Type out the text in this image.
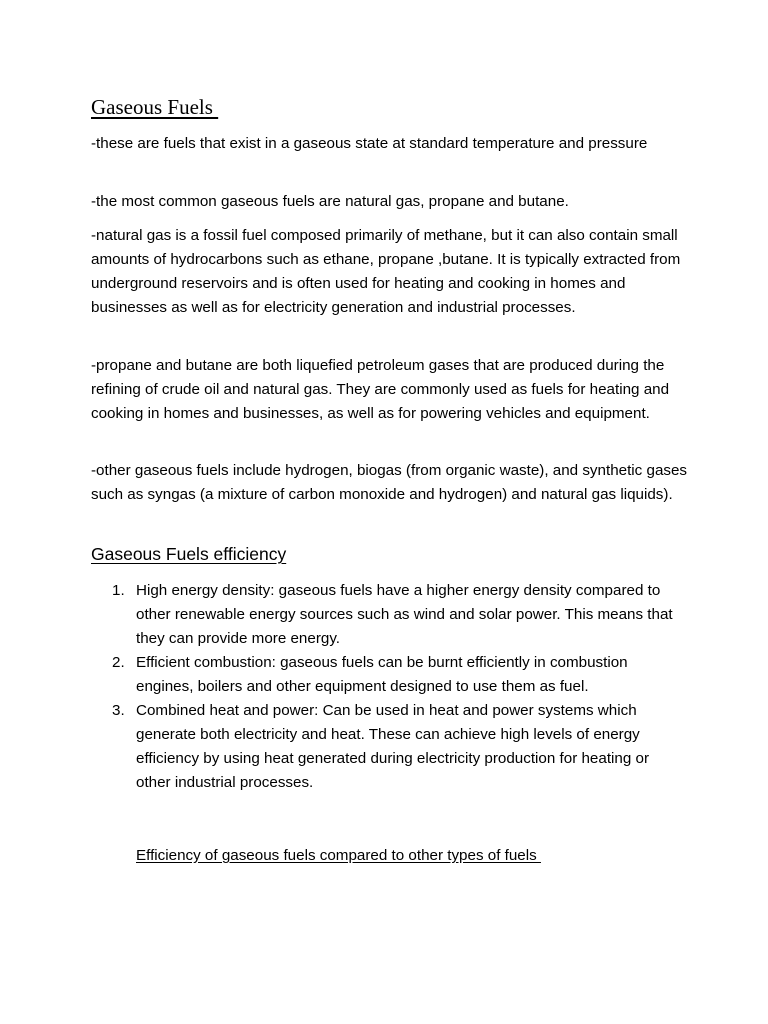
Gaseous Fuels

-these are fuels that exist in a gaseous state at standard temperature and pressure

-the most common gaseous fuels are natural gas, propane and butane.

-natural gas is a fossil fuel composed primarily of methane, but it can also contain small amounts of hydrocarbons such as ethane, propane ,butane. It is typically extracted from underground reservoirs and is often used for heating and cooking in homes and businesses as well as for electricity generation and industrial processes.

-propane and butane are both liquefied petroleum gases that are produced during the refining of crude oil and natural gas. They are commonly used as fuels for heating and cooking in homes and businesses, as well as for powering vehicles and equipment.

-other gaseous fuels include hydrogen, biogas (from organic waste), and synthetic gases such as syngas (a mixture of carbon monoxide and hydrogen) and natural gas liquids).

Gaseous Fuels efficiency
1. High energy density: gaseous fuels have a higher energy density compared to other renewable energy sources such as wind and solar power. This means that they can provide more energy.
2. Efficient combustion: gaseous fuels can be burnt efficiently in combustion engines, boilers and other equipment designed to use them as fuel.
3. Combined heat and power: Can be used in heat and power systems which generate both electricity and heat. These can achieve high levels of energy efficiency by using heat generated during electricity production for heating or other industrial processes.

Efficiency of gaseous fuels compared to other types of fuels
